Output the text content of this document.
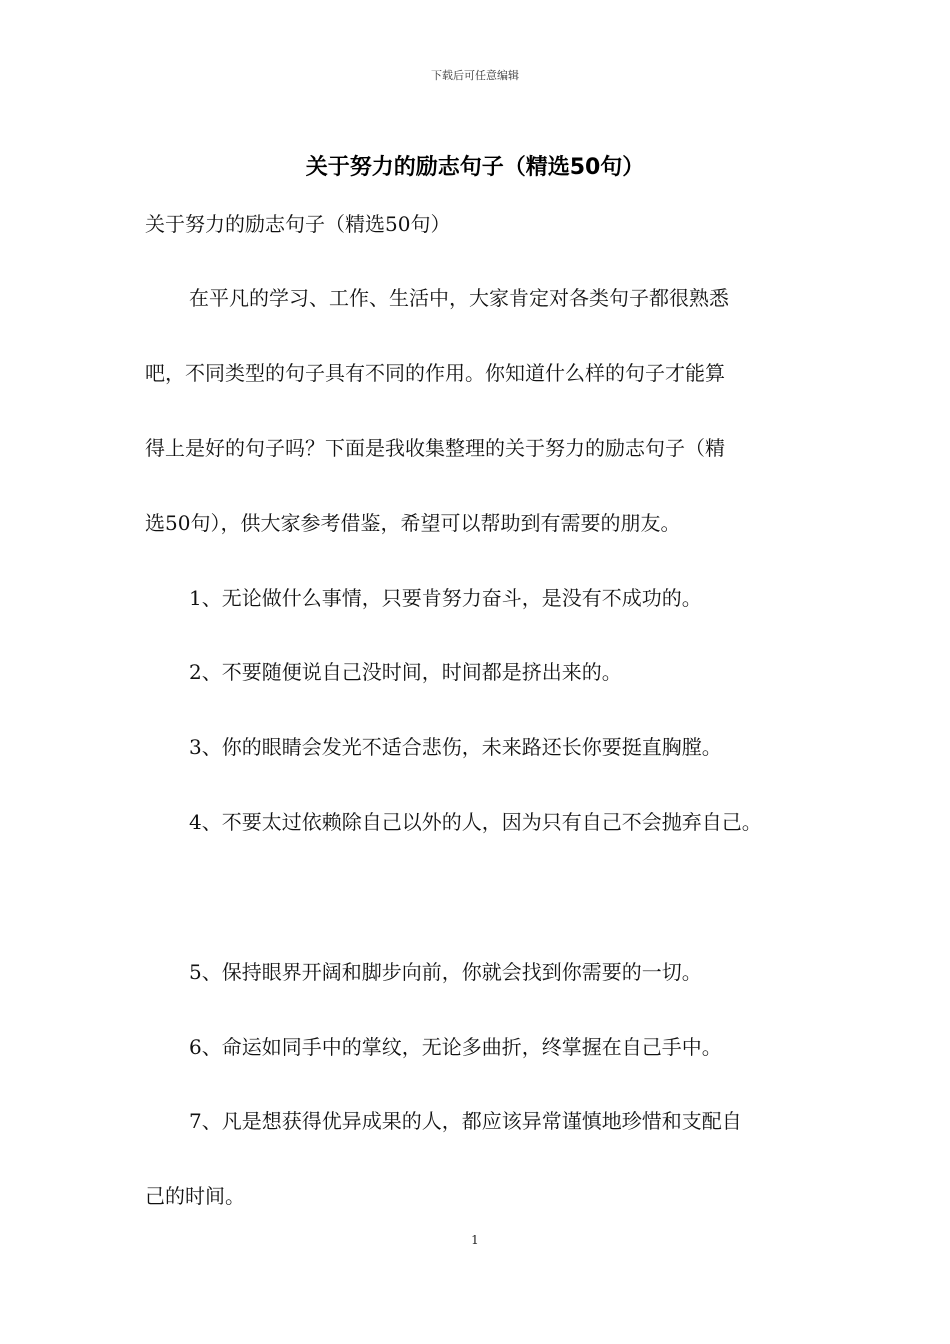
下载后可任意编辑
关于努力的励志句子（精选50句）
关于努力的励志句子（精选50句）
在平凡的学习、工作、生活中，大家肯定对各类句子都很熟悉
吧，不同类型的句子具有不同的作用。你知道什么样的句子才能算
得上是好的句子吗？下面是我收集整理的关于努力的励志句子（精
选50句），供大家参考借鉴，希望可以帮助到有需要的朋友。
1、无论做什么事情，只要肯努力奋斗，是没有不成功的。
2、不要随便说自己没时间，时间都是挤出来的。
3、你的眼睛会发光不适合悲伤，未来路还长你要挺直胸膛。
4、不要太过依赖除自己以外的人，因为只有自己不会抛弃自己。
5、保持眼界开阔和脚步向前，你就会找到你需要的一切。
6、命运如同手中的掌纹，无论多曲折，终掌握在自己手中。
7、凡是想获得优异成果的人，都应该异常谨慎地珍惜和支配自
己的时间。
1
